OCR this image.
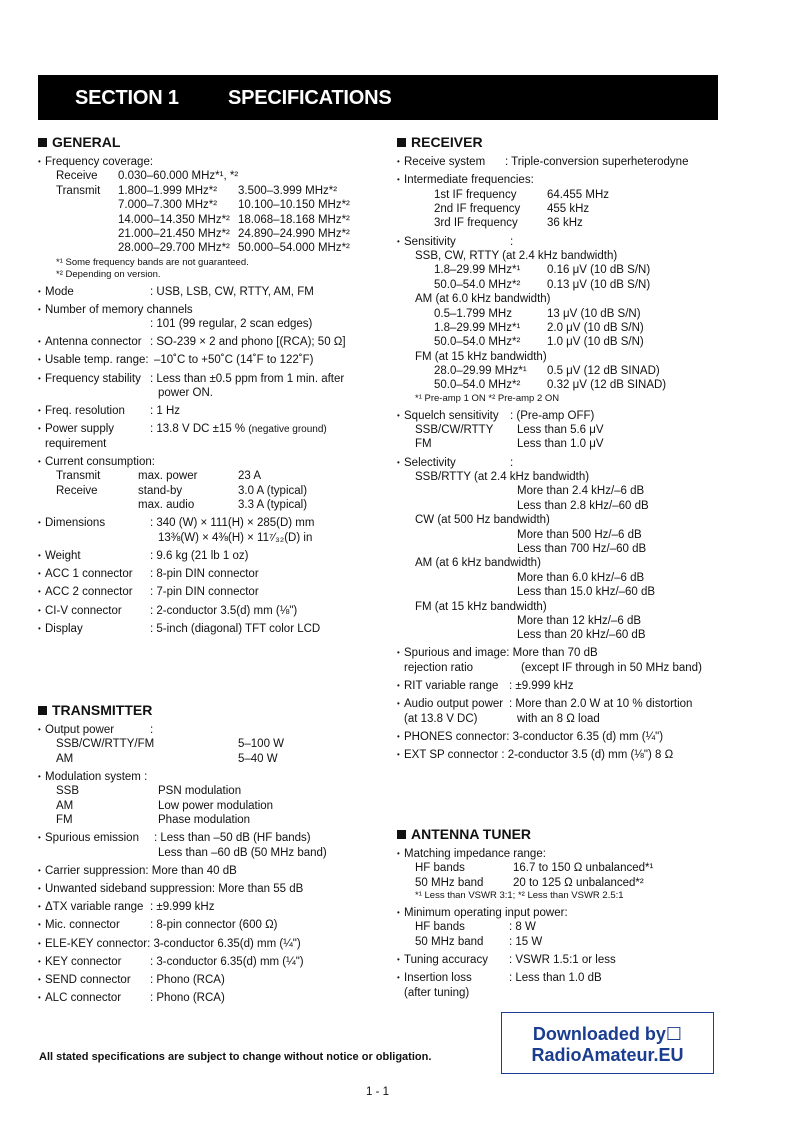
SECTION 1 SPECIFICATIONS
GENERAL
• Frequency coverage:
Receive 0.030–60.000 MHz*¹, *²
Transmit 1.800–1.999 MHz*² 3.500–3.999 MHz*²
7.000–7.300 MHz*² 10.100–10.150 MHz*²
14.000–14.350 MHz*² 18.068–18.168 MHz*²
21.000–21.450 MHz*² 24.890–24.990 MHz*²
28.000–29.700 MHz*² 50.000–54.000 MHz*²
*¹ Some frequency bands are not guaranteed.
*² Depending on version.
• Mode	: USB, LSB, CW, RTTY, AM, FM
• Number of memory channels
: 101 (99 regular, 2 scan edges)
• Antenna connector : SO-239 × 2 and phono [(RCA); 50 Ω]
• Usable temp. range: –10˚C to +50˚C (14˚F to 122˚F)
• Frequency stability : Less than ±0.5 ppm from 1 min. after
power ON.
• Freq. resolution : 1 Hz
• Power supply	: 13.8 V DC ±15 % (negative ground)
requirement
• Current consumption:
Transmit	max. power	23 A
Receive	stand-by	3.0 A (typical)
max. audio	3.3 A (typical)
• Dimensions	: 340 (W) × 111(H) × 285(D) mm
13⅜(W) × 4⅜(H) × 11⁷⁄₃₂(D) in
• Weight	: 9.6 kg (21 lb 1 oz)
• ACC 1 connector : 8-pin DIN connector
• ACC 2 connector : 7-pin DIN connector
• CI-V connector : 2-conductor 3.5(d) mm (⅛")
• Display	: 5-inch (diagonal) TFT color LCD
TRANSMITTER
• Output power	:
SSB/CW/RTTY/FM	5–100 W
AM	5–40 W
• Modulation system :
SSB	PSN modulation
AM	Low power modulation
FM	Phase modulation
• Spurious emission : Less than –50 dB (HF bands)
Less than –60 dB (50 MHz band)
• Carrier suppression: More than 40 dB
• Unwanted sideband suppression: More than 55 dB
• ΔTX variable range : ±9.999 kHz
• Mic. connector	: 8-pin connector (600 Ω)
• ELE-KEY connector: 3-conductor 6.35(d) mm (¼")
• KEY connector : 3-conductor 6.35(d) mm (¼")
• SEND connector : Phono (RCA)
• ALC connector	: Phono (RCA)
RECEIVER
• Receive system : Triple-conversion superheterodyne
• Intermediate frequencies:
1st IF frequency	64.455 MHz
2nd IF frequency 455 kHz
3rd IF frequency	36 kHz
• Sensitivity	:
SSB, CW, RTTY (at 2.4 kHz bandwidth)
1.8–29.99 MHz*¹ 0.16 μV (10 dB S/N)
50.0–54.0 MHz*² 0.13 μV (10 dB S/N)
AM (at 6.0 kHz bandwidth)
0.5–1.799 MHz	13 μV (10 dB S/N)
1.8–29.99 MHz*¹ 2.0 μV (10 dB S/N)
50.0–54.0 MHz*² 1.0 μV (10 dB S/N)
FM (at 15 kHz bandwidth)
28.0–29.99 MHz*¹ 0.5 μV (12 dB SINAD)
50.0–54.0 MHz*² 0.32 μV (12 dB SINAD)
*¹ Pre-amp 1 ON *² Pre-amp 2 ON
• Squelch sensitivity : (Pre-amp OFF)
SSB/CW/RTTY Less than 5.6 μV
FM	Less than 1.0 μV
• Selectivity	:
SSB/RTTY (at 2.4 kHz bandwidth)
More than 2.4 kHz/–6 dB
Less than 2.8 kHz/–60 dB
CW (at 500 Hz bandwidth)
More than 500 Hz/–6 dB
Less than 700 Hz/–60 dB
AM (at 6 kHz bandwidth)
More than 6.0 kHz/–6 dB
Less than 15.0 kHz/–60 dB
FM (at 15 kHz bandwidth)
More than 12 kHz/–6 dB
Less than 20 kHz/–60 dB
• Spurious and image: More than 70 dB
rejection ratio	(except IF through in 50 MHz band)
• RIT variable range : ±9.999 kHz
• Audio output power : More than 2.0 W at 10 % distortion
(at 13.8 V DC)	with an 8 Ω load
• PHONES connector: 3-conductor 6.35 (d) mm (¼")
• EXT SP connector : 2-conductor 3.5 (d) mm (⅛") 8 Ω
ANTENNA TUNER
• Matching impedance range:
HF bands	16.7 to 150 Ω unbalanced*¹
50 MHz band	20 to 125 Ω unbalanced*²
*¹ Less than VSWR 3:1; *² Less than VSWR 2.5:1
• Minimum operating input power:
HF bands	: 8 W
50 MHz band : 15 W
• Tuning accuracy : VSWR 1.5:1 or less
• Insertion loss	: Less than 1.0 dB
(after tuning)
Downloaded by☐
RadioAmateur.EU
All stated specifications are subject to change without notice or obligation.
1 - 1
